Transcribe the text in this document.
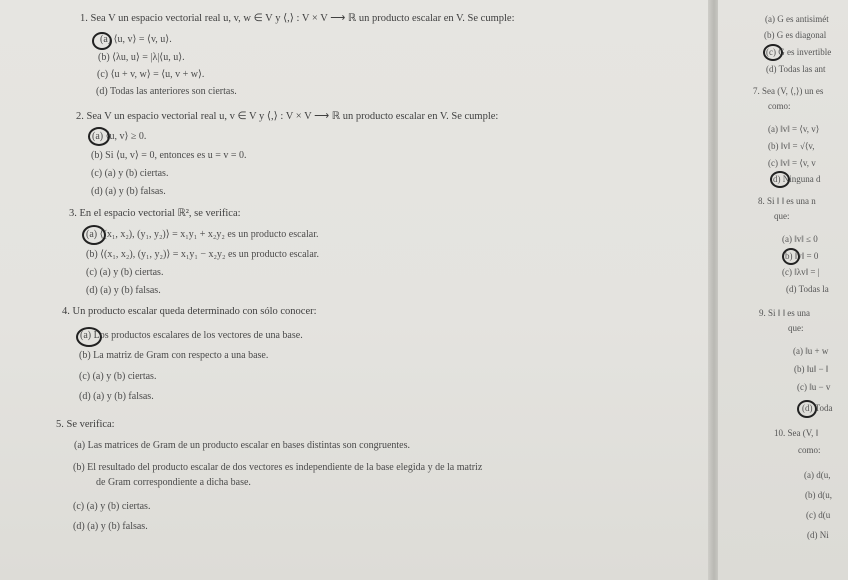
1. Sea V un espacio vectorial real u, v, w ∈ V y ⟨,⟩ : V × V ⟶ ℝ un producto escalar en V. Se cumple:
(a) ⟨u, v⟩ = ⟨v, u⟩.
(b) ⟨λu, u⟩ = |λ|⟨u, u⟩.
(c) ⟨u + v, w⟩ = ⟨u, v + w⟩.
(d) Todas las anteriores son ciertas.
2. Sea V un espacio vectorial real u, v ∈ V y ⟨,⟩ : V × V ⟶ ℝ un producto escalar en V. Se cumple:
(a) ⟨u, v⟩ ≥ 0.
(b) Si ⟨u, v⟩ = 0, entonces es u = v = 0.
(c) (a) y (b) ciertas.
(d) (a) y (b) falsas.
3. En el espacio vectorial ℝ², se verifica:
(a) ⟨(x₁, x₂), (y₁, y₂)⟩ = x₁y₁ + x₂y₂ es un producto escalar.
(b) ⟨(x₁, x₂), (y₁, y₂)⟩ = x₁y₁ − x₂y₂ es un producto escalar.
(c) (a) y (b) ciertas.
(d) (a) y (b) falsas.
4. Un producto escalar queda determinado con sólo conocer:
(a) Los productos escalares de los vectores de una base.
(b) La matriz de Gram con respecto a una base.
(c) (a) y (b) ciertas.
(d) (a) y (b) falsas.
5. Se verifica:
(a) Las matrices de Gram de un producto escalar en bases distintas son congruentes.
(b) El resultado del producto escalar de dos vectores es independiente de la base elegida y de la matriz
de Gram correspondiente a dicha base.
(c) (a) y (b) ciertas.
(d) (a) y (b) falsas.
(a) G es antisimét
(b) G es diagonal
(c) G es invertible
(d) Todas las ant
7. Sea (V, ⟨,⟩) un es
como:
(a) ‖v‖ = ⟨v, v⟩
(b) ‖v‖ = √⟨v,
(c) ‖v‖ = ⟨v, v
(d) Ninguna d
8. Si ‖ ‖ es una n
que:
(a) ‖v‖ ≤ 0
(b) ‖v‖ = 0
(c) ‖λv‖ = |
(d) Todas la
9. Si ‖ ‖ es una
que:
(a) ‖u + w
(b) ‖u‖ − ‖
(c) ‖u − v
(d) Toda
10. Sea (V, ‖
como:
(a) d(u,
(b) d(u,
(c) d(u
(d) Ni
